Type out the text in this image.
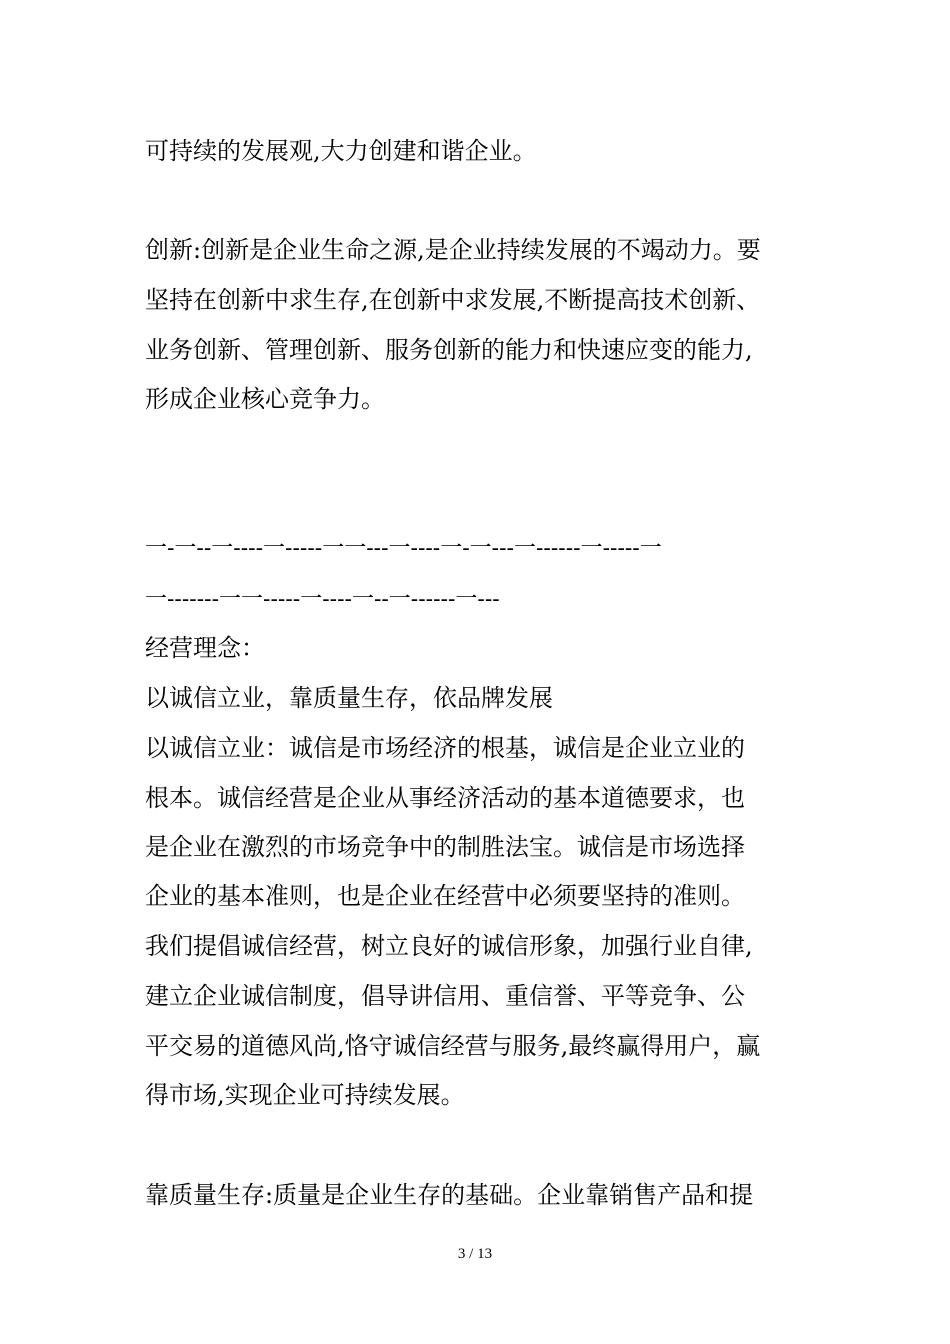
可持续的发展观,大力创建和谐企业。
创新:创新是企业生命之源,是企业持续发展的不竭动力。要
坚持在创新中求生存,在创新中求发展,不断提高技术创新、
业务创新、管理创新、服务创新的能力和快速应变的能力,
形成企业核心竞争力。
一-一--一----一-----一一---一----一-一---一------一-----一
一-------一一-----一----一--一------一---
经营理念：
以诚信立业，靠质量生存，依品牌发展
以诚信立业：诚信是市场经济的根基，诚信是企业立业的
根本。诚信经营是企业从事经济活动的基本道德要求，也
是企业在激烈的市场竞争中的制胜法宝。诚信是市场选择
企业的基本准则，也是企业在经营中必须要坚持的准则。
我们提倡诚信经营，树立良好的诚信形象，加强行业自律,
建立企业诚信制度，倡导讲信用、重信誉、平等竞争、公
平交易的道德风尚,恪守诚信经营与服务,最终赢得用户，赢
得市场,实现企业可持续发展。
靠质量生存:质量是企业生存的基础。企业靠销售产品和提
3 / 13
